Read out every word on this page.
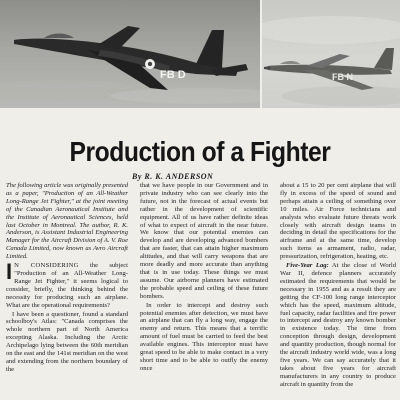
FB D	FB N
Production of a Fighter
By R. K. ANDERSON

The following article was originally presented as a paper, "Production of an All-Weather Long-Range Jet Fighter," at the joint meeting of the Canadian Aeronautical Institute and the Institute of Aeronautical Sciences, held last October in Montreal. The author, R. K. Anderson, is Assistant Industrial Engineering Manager for the Aircraft Division of A. V. Roe Canada Limited, now known as Avro Aircraft Limited.

I N CONSIDERING the subject "Production of an All-Weather Long-Range Jet Fighter," it seems logical to consider, briefly, the thinking behind the necessity for producing such an airplane. What are the operational requirements?

I have been a questioner, found a standard schoolboy's Atlas: "Canada comprises the whole northern part of North America excepting Alaska. Including the Arctic Archipelago lying between the 60th meridian on the east and the 141st meridian on the west and extending from the northern boundary of the

that we have people in our Government and in private industry who can see clearly into the future, not in the forecast of actual events but rather in the development of scientific equipment. All of us have rather definite ideas of what to expect of aircraft in the near future. We know that our potential enemies can develop and are developing advanced bombers that are faster, that can attain higher maximum altitudes, and that will carry weapons that are more deadly and more accurate than anything that is in use today. These things we must assume. Our airborne planners have estimated the probable speed and ceiling of these future bombers.

In order to intercept and destroy such potential enemies after detection, we must have an airplane that can fly a long way, engage the enemy and return. This means that a terrific amount of fuel must be carried to feed the best available engines. This interceptor must have great speed to be able to make contact in a very short time and to be able to outfly the enemy once

about a 15 to 20 per cent airplane that will fly in excess of the speed of sound and perhaps attain a ceiling of something over 10 miles. Air Force technicians and analysts who evaluate future threats work closely with aircraft design teams in deciding in detail the specifications for the airframe and at the same time, develop such items as armament, radio, radar, pressurization, refrigeration, heating, etc.

Five-Year Lag: At the close of World War II, defence planners accurately estimated the requirements that would be necessary in 1955 and as a result they are getting the CF-100 long range interceptor which has the speed, maximum altitude, fuel capacity, radar facilities and fire power to intercept and destroy any known bomber in existence today. The time from conception through design, development and quantity production, though normal for the aircraft industry world wide, was a long five years. We can say accurately that it takes about five years for aircraft manufacturers in any country to produce aircraft in quantity from the
